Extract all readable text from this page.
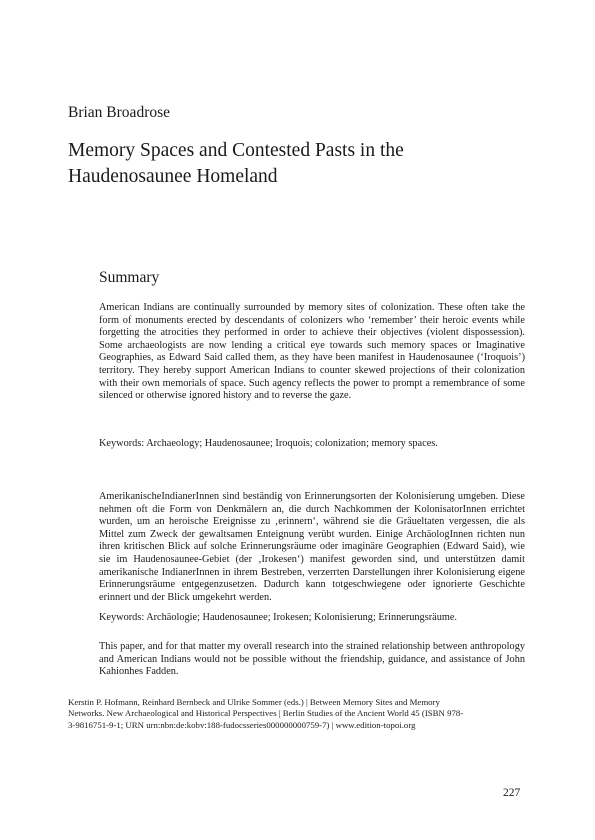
Brian Broadrose
Memory Spaces and Contested Pasts in the Haudenosaunee Homeland
Summary

American Indians are continually surrounded by memory sites of colonization. These often take the form of monuments erected by descendants of colonizers who ‘remember’ their heroic events while forgetting the atrocities they performed in order to achieve their objectives (violent dispossession). Some archaeologists are now lending a critical eye towards such memory spaces or Imaginative Geographies, as Edward Said called them, as they have been manifest in Haudenosaunee (‘Iroquois’) territory. They hereby support American Indians to counter skewed projections of their colonization with their own memorials of space. Such agency reflects the power to prompt a remembrance of some silenced or otherwise ignored history and to reverse the gaze.

Keywords: Archaeology; Haudenosaunee; Iroquois; colonization; memory spaces.

AmerikanischeIndianerInnen sind beständig von Erinnerungsorten der Kolonisierung umgeben. Diese nehmen oft die Form von Denkmälern an, die durch Nachkommen der KolonisatorInnen errichtet wurden, um an heroische Ereignisse zu ‚erinnern‘, während sie die Gräueltaten vergessen, die als Mittel zum Zweck der gewaltsamen Enteignung verübt wurden. Einige ArchäologInnen richten nun ihren kritischen Blick auf solche Erinnerungsräume oder imaginäre Geographien (Edward Said), wie sie im Haudenosaunee-Gebiet (der ‚Irokesen‘) manifest geworden sind, und unterstützen damit amerikanische IndianerInnen in ihrem Bestreben, verzerrten Darstellungen ihrer Kolonisierung eigene Erinnerungsräume entgegenzusetzen. Dadurch kann totgeschwiegene oder ignorierte Geschichte erinnert und der Blick umgekehrt werden.

Keywords: Archäologie; Haudenosaunee; Irokesen; Kolonisierung; Erinnerungsräume.
This paper, and for that matter my overall research into the strained relationship between anthropology and American Indians would not be possible without the friendship, guidance, and assistance of John Kahionhes Fadden.
Kerstin P. Hofmann, Reinhard Bernbeck and Ulrike Sommer (eds.) | Between Memory Sites and Memory Networks. New Archaeological and Historical Perspectives | Berlin Studies of the Ancient World 45 (ISBN 978-3-9816751-9-1; URN urn:nbn:de:kobv:188-fudocsseries000000000759-7) | www.edition-topoi.org
227
